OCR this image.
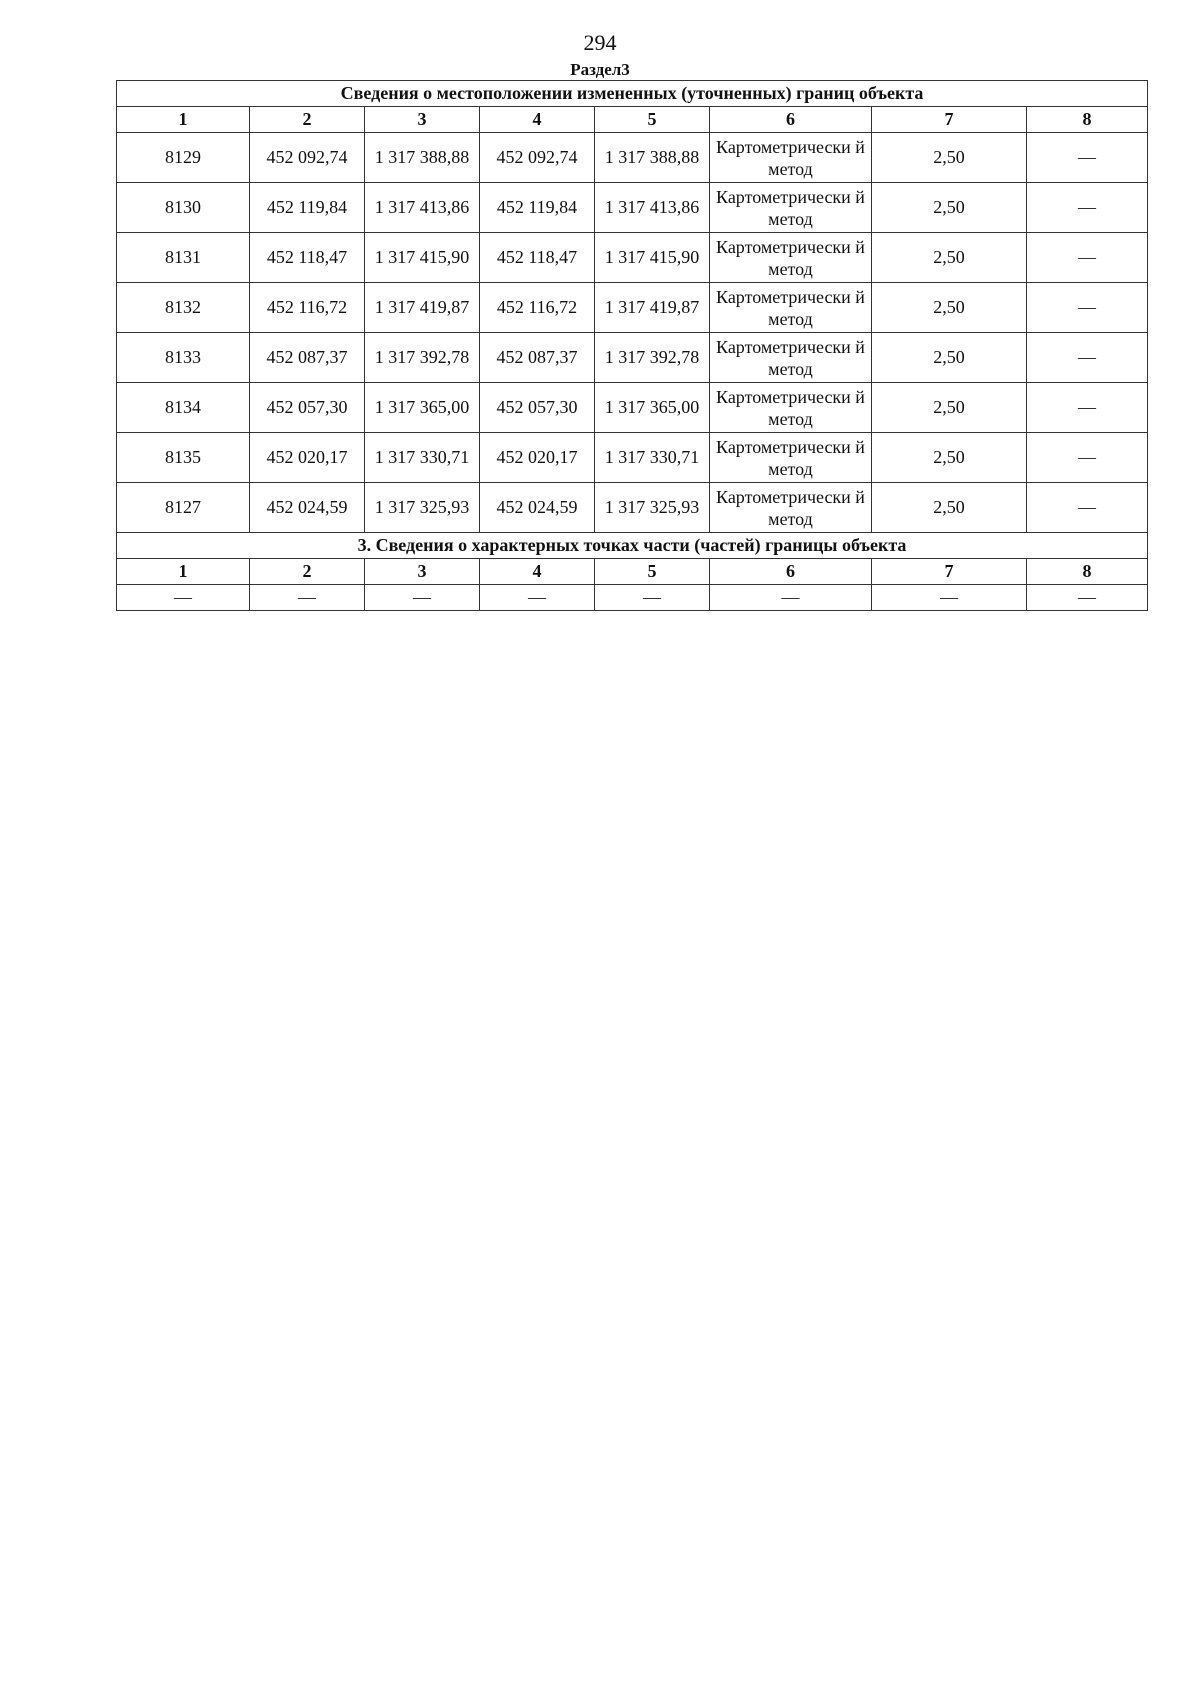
294
Раздел3
Сведения о местоположении измененных (уточненных) границ объекта							
1	2	3	4	5	6	7	8
8129	452 092,74	1 317 388,88	452 092,74	1 317 388,88	Картометрически й метод	2,50	—
8130	452 119,84	1 317 413,86	452 119,84	1 317 413,86	Картометрически й метод	2,50	—
8131	452 118,47	1 317 415,90	452 118,47	1 317 415,90	Картометрически й метод	2,50	—
8132	452 116,72	1 317 419,87	452 116,72	1 317 419,87	Картометрически й метод	2,50	—
8133	452 087,37	1 317 392,78	452 087,37	1 317 392,78	Картометрически й метод	2,50	—
8134	452 057,30	1 317 365,00	452 057,30	1 317 365,00	Картометрически й метод	2,50	—
8135	452 020,17	1 317 330,71	452 020,17	1 317 330,71	Картометрически й метод	2,50	—
8127	452 024,59	1 317 325,93	452 024,59	1 317 325,93	Картометрически й метод	2,50	—
3. Сведения о характерных точках части (частей) границы объекта							
1	2	3	4	5	6	7	8
—	—	—	—	—	—	—	—
